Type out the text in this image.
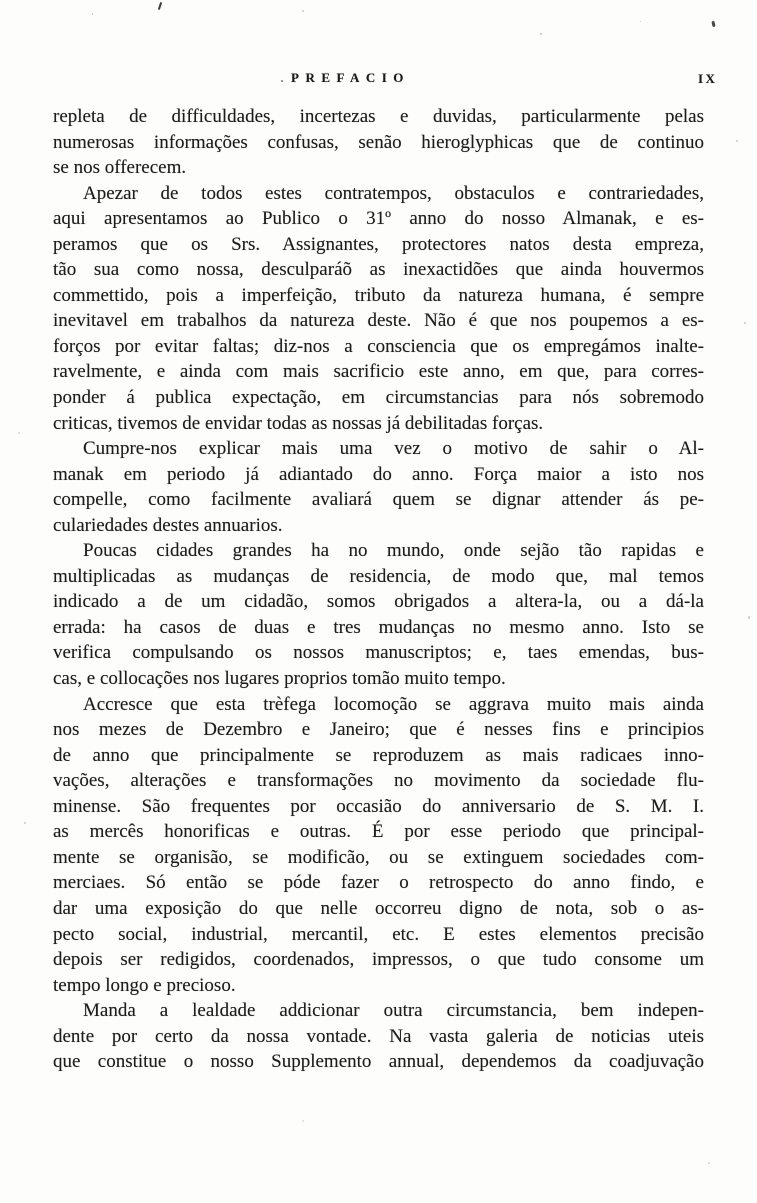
PREFACIO	IX
repleta de difficuldades, incertezas e duvidas, particularmente pelas
numerosas informações confusas, senão hieroglyphicas que de continuo
se nos offerecem.
Apezar de todos estes contratempos, obstaculos e contrariedades,
aqui apresentamos ao Publico o 31º anno do nosso Almanak, e es-
peramos que os Srs. Assignantes, protectores natos desta empreza,
tão sua como nossa, desculparáõ as inexactidões que ainda houvermos
commettido, pois a imperfeição, tributo da natureza humana, é sempre
inevitavel em trabalhos da natureza deste. Não é que nos poupemos a es-
forços por evitar faltas; diz-nos a consciencia que os empregámos inalte-
ravelmente, e ainda com mais sacrificio este anno, em que, para corres-
ponder á publica expectação, em circumstancias para nós sobremodo
criticas, tivemos de envidar todas as nossas já debilitadas forças.
Cumpre-nos explicar mais uma vez o motivo de sahir o Al-
manak em periodo já adiantado do anno. Força maior a isto nos
compelle, como facilmente avaliará quem se dignar attender ás pe-
culariedades destes annuarios.
Poucas cidades grandes ha no mundo, onde sejão tão rapidas e
multiplicadas as mudanças de residencia, de modo que, mal temos
indicado a de um cidadão, somos obrigados a altera-la, ou a dá-la
errada: ha casos de duas e tres mudanças no mesmo anno. Isto se
verifica compulsando os nossos manuscriptos; e, taes emendas, bus-
cas, e collocações nos lugares proprios tomão muito tempo.
Accresce que esta trèfega locomoção se aggrava muito mais ainda
nos mezes de Dezembro e Janeiro; que é nesses fins e principios
de anno que principalmente se reproduzem as mais radicaes inno-
vações, alterações e transformações no movimento da sociedade flu-
minense. São frequentes por occasião do anniversario de S. M. I.
as mercês honorificas e outras. É por esse periodo que principal-
mente se organisão, se modificão, ou se extinguem sociedades com-
merciaes. Só então se póde fazer o retrospecto do anno findo, e
dar uma exposição do que nelle occorreu digno de nota, sob o as-
pecto social, industrial, mercantil, etc. E estes elementos precisão
depois ser redigidos, coordenados, impressos, o que tudo consome um
tempo longo e precioso.
Manda a lealdade addicionar outra circumstancia, bem indepen-
dente por certo da nossa vontade. Na vasta galeria de noticias uteis
que constitue o nosso Supplemento annual, dependemos da coadjuvação
